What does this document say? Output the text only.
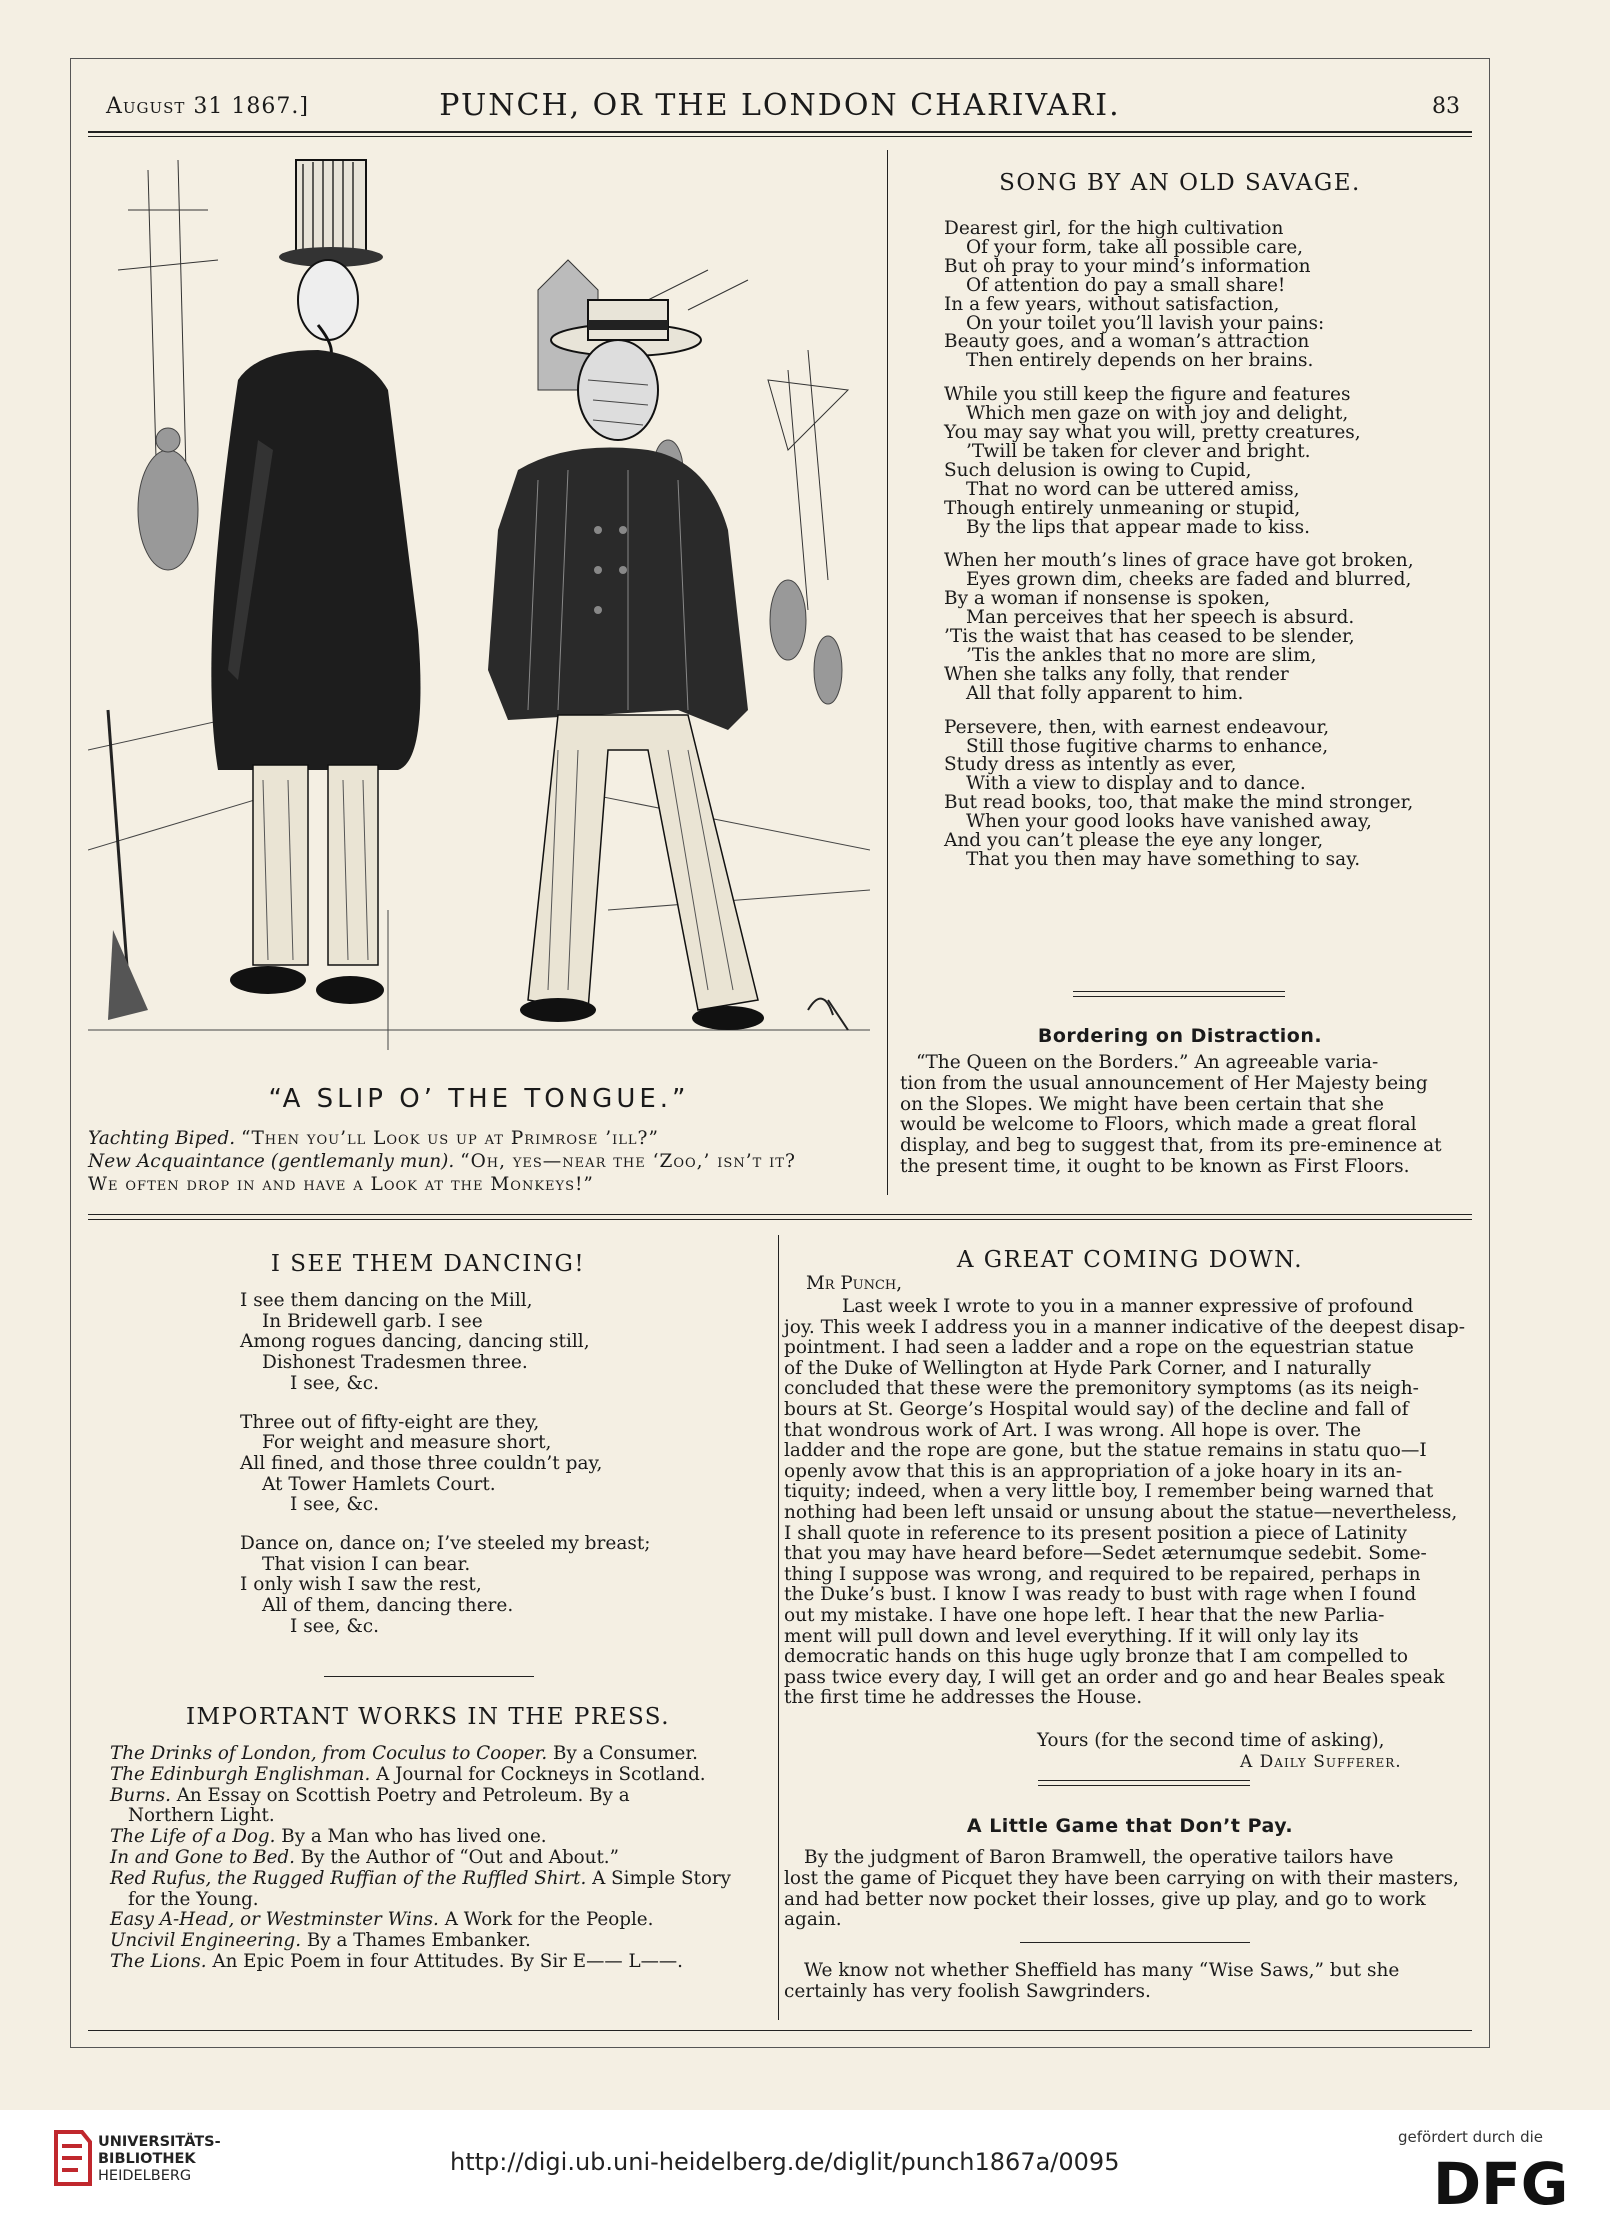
August 31 1867.]	PUNCH, OR THE LONDON CHARIVARI.	83
“A SLIP O’ THE TONGUE.”
Yachting Biped. “Then you’ll Look us up at Primrose ’ill?”
New Acquaintance (gentlemanly mun). “Oh, yes—near the ‘Zoo,’ isn’t it?
We often drop in and have a Look at the Monkeys!”
SONG BY AN OLD SAVAGE.
Dearest girl, for the high cultivation
Of your form, take all possible care,
But oh pray to your mind’s information
Of attention do pay a small share!
In a few years, without satisfaction,
On your toilet you’ll lavish your pains:
Beauty goes, and a woman’s attraction
Then entirely depends on her brains.
While you still keep the figure and features
Which men gaze on with joy and delight,
You may say what you will, pretty creatures,
’Twill be taken for clever and bright.
Such delusion is owing to Cupid,
That no word can be uttered amiss,
Though entirely unmeaning or stupid,
By the lips that appear made to kiss.
When her mouth’s lines of grace have got broken,
Eyes grown dim, cheeks are faded and blurred,
By a woman if nonsense is spoken,
Man perceives that her speech is absurd.
’Tis the waist that has ceased to be slender,
’Tis the ankles that no more are slim,
When she talks any folly, that render
All that folly apparent to him.
Persevere, then, with earnest endeavour,
Still those fugitive charms to enhance,
Study dress as intently as ever,
With a view to display and to dance.
But read books, too, that make the mind stronger,
When your good looks have vanished away,
And you can’t please the eye any longer,
That you then may have something to say.
Bordering on Distraction.
“The Queen on the Borders.” An agreeable varia-
tion from the usual announcement of Her Majesty being
on the Slopes. We might have been certain that she
would be welcome to Floors, which made a great floral
display, and beg to suggest that, from its pre-eminence at
the present time, it ought to be known as First Floors.
I SEE THEM DANCING!
I see them dancing on the Mill,
In Bridewell garb. I see
Among rogues dancing, dancing still,
Dishonest Tradesmen three.
I see, &c.
Three out of fifty-eight are they,
For weight and measure short,
All fined, and those three couldn’t pay,
At Tower Hamlets Court.
I see, &c.
Dance on, dance on; I’ve steeled my breast;
That vision I can bear.
I only wish I saw the rest,
All of them, dancing there.
I see, &c.
IMPORTANT WORKS IN THE PRESS.
The Drinks of London, from Coculus to Cooper. By a Consumer.
The Edinburgh Englishman. A Journal for Cockneys in Scotland.
Burns. An Essay on Scottish Poetry and Petroleum. By a
Northern Light.
The Life of a Dog. By a Man who has lived one.
In and Gone to Bed. By the Author of “Out and About.”
Red Rufus, the Rugged Ruffian of the Ruffled Shirt. A Simple Story
for the Young.
Easy A-Head, or Westminster Wins. A Work for the People.
Uncivil Engineering. By a Thames Embanker.
The Lions. An Epic Poem in four Attitudes. By Sir E—— L——.
A GREAT COMING DOWN.
Mr Punch,
Last week I wrote to you in a manner expressive of profound
joy. This week I address you in a manner indicative of the deepest disap-
pointment. I had seen a ladder and a rope on the equestrian statue
of the Duke of Wellington at Hyde Park Corner, and I naturally
concluded that these were the premonitory symptoms (as its neigh-
bours at St. George’s Hospital would say) of the decline and fall of
that wondrous work of Art. I was wrong. All hope is over. The
ladder and the rope are gone, but the statue remains in statu quo—I
openly avow that this is an appropriation of a joke hoary in its an-
tiquity; indeed, when a very little boy, I remember being warned that
nothing had been left unsaid or unsung about the statue—nevertheless,
I shall quote in reference to its present position a piece of Latinity
that you may have heard before—Sedet æternumque sedebit. Some-
thing I suppose was wrong, and required to be repaired, perhaps in
the Duke’s bust. I know I was ready to bust with rage when I found
out my mistake. I have one hope left. I hear that the new Parlia-
ment will pull down and level everything. If it will only lay its
democratic hands on this huge ugly bronze that I am compelled to
pass twice every day, I will get an order and go and hear Beales speak
the first time he addresses the House.
Yours (for the second time of asking),
A Daily Sufferer.
A Little Game that Don’t Pay.
By the judgment of Baron Bramwell, the operative tailors have
lost the game of Picquet they have been carrying on with their masters,
and had better now pocket their losses, give up play, and go to work
again.
We know not whether Sheffield has many “Wise Saws,” but she
certainly has very foolish Sawgrinders.
UNIVERSITÄTS-
BIBLIOTHEK
HEIDELBERG	http://digi.ub.uni-heidelberg.de/diglit/punch1867a/0095
gefördert durch die
DFG
